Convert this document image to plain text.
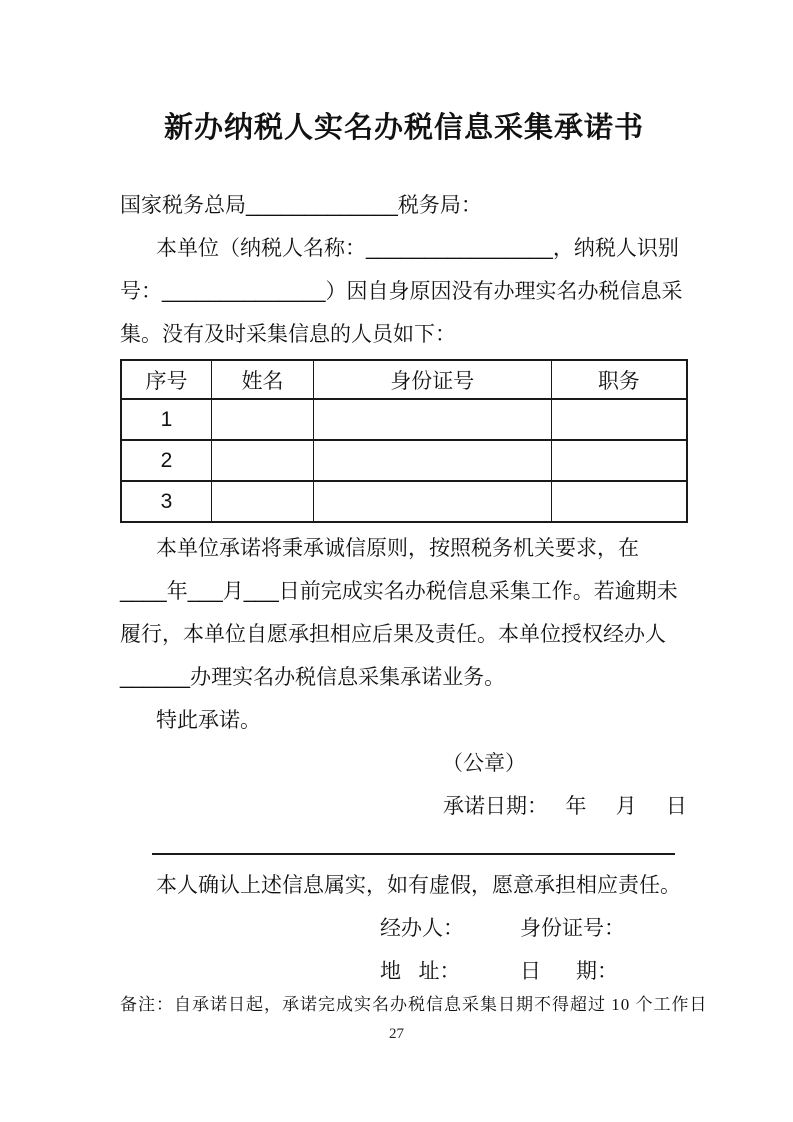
新办纳税人实名办税信息采集承诺书
国家税务总局_____________税务局：
本单位（纳税人名称：________________，纳税人识别
号：______________）因自身原因没有办理实名办税信息采
集。没有及时采集信息的人员如下：
序号	姓名	身份证号	职务
1			
2			
3			
本单位承诺将秉承诚信原则，按照税务机关要求，在
____年___月___日前完成实名办税信息采集工作。若逾期未
履行，本单位自愿承担相应后果及责任。本单位授权经办人
______办理实名办税信息采集承诺业务。
特此承诺。
（公章）
承诺日期：   年     月     日
本人确认上述信息属实，如有虚假，愿意承担相应责任。
经办人：	身份证号：
地   址：	日      期：
备注：自承诺日起，承诺完成实名办税信息采集日期不得超过 10 个工作日
27
